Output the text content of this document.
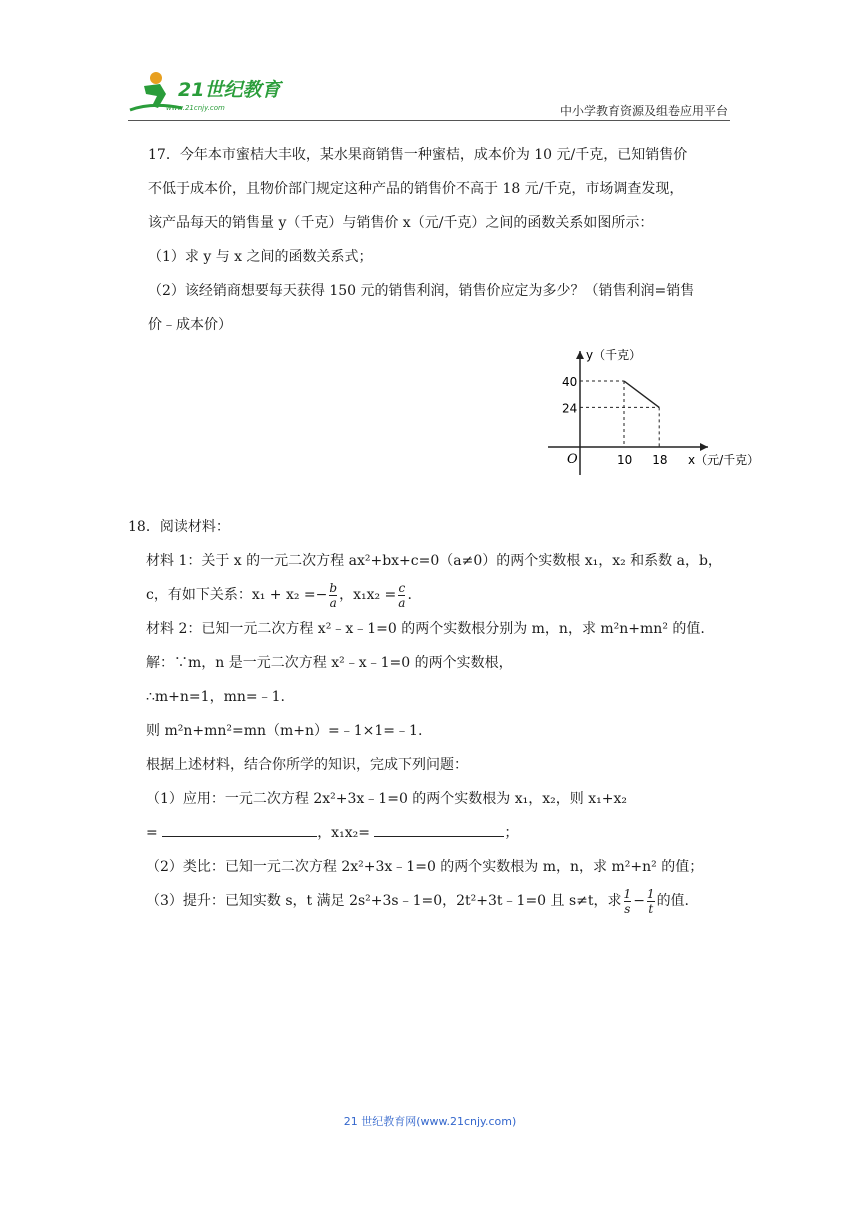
21世纪教育
www.21cnjy.com	中小学教育资源及组卷应用平台

17．今年本市蜜桔大丰收，某水果商销售一种蜜桔，成本价为 10 元/千克，已知销售价

不低于成本价，且物价部门规定这种产品的销售价不高于 18 元/千克，市场调查发现，

该产品每天的销售量 y（千克）与销售价 x（元/千克）之间的函数关系如图所示：

（1）求 y 与 x 之间的函数关系式；

（2）该经销商想要每天获得 150 元的销售利润，销售价应定为多少？（销售利润=销售

价﹣成本价）

y（千克）
x（元/千克）
O	10
40
18
24

18．阅读材料：

材料 1：关于 x 的一元二次方程 ax²+bx+c=0（a≠0）的两个实数根 x₁，x₂ 和系数 a，b，

c，有如下关系：$x_1 + x_2 =- \frac{b}{a}$ ，$x_1x_2 = \frac{c}{a}$ .

材料 2：已知一元二次方程 x²﹣x﹣1=0 的两个实数根分别为 m，n，求 m²n+mn² 的值.

解：∵m，n 是一元二次方程 x²﹣x﹣1=0 的两个实数根，

∴m+n=1，mn=﹣1.

则 m²n+mn²=mn（m+n）=﹣1×1=﹣1.

根据上述材料，结合你所学的知识，完成下列问题：

（1）应用：一元二次方程 2x²+3x﹣1=0 的两个实数根为 x₁，x₂，则 x₁+x₂

=	，x₁x₂=	；

（2）类比：已知一元二次方程 2x²+3x﹣1=0 的两个实数根为 m，n，求 m²+n² 的值；

（3）提升：已知实数 s，t 满足 2s²+3s﹣1=0，2t²+3t﹣1=0 且 s≠t，求 $\frac{1}{s} - \frac{1}{t}$ 的值.

21 世纪教育网(www.21cnjy.com)
